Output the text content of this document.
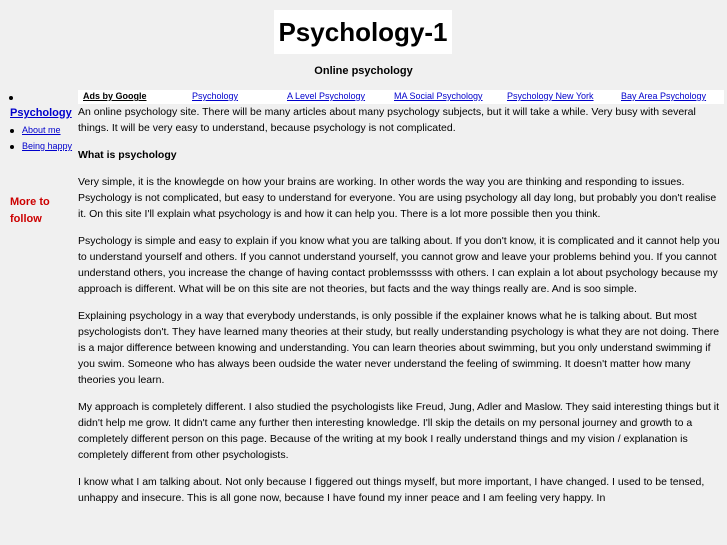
Psychology-1
Online psychology
Psychology
About me
Being happy
More to follow
Ads by Google	Psychology	A Level Psychology	MA Social Psychology	Psychology New York	Bay Area Psychology

An online psychology site. There will be many articles about many psychology subjects, but it will take a while. Very busy with several things. It will be very easy to understand, because psychology is not complicated.

What is psychology

Very simple, it is the knowlegde on how your brains are working. In other words the way you are thinking and responding to issues. Psychology is not complicated, but easy to understand for everyone. You are using psychology all day long, but probably you don't realise it. On this site I'll explain what psychology is and how it can help you. There is a lot more possible then you think.

Psychology is simple and easy to explain if you know what you are talking about. If you don't know, it is complicated and it cannot help you to understand yourself and others. If you cannot understand yourself, you cannot grow and leave your problems behind you. If you cannot understand others, you increase the change of having contact problemsssss with others. I can explain a lot about psychology because my approach is different. What will be on this site are not theories, but facts and the way things really are. And is soo simple.

Explaining psychology in a way that everybody understands, is only possible if the explainer knows what he is talking about. But most psychologists don't. They have learned many theories at their study, but really understanding psychology is what they are not doing. There is a major difference between knowing and understanding. You can learn theories about swimming, but you only understand swimming if you swim. Someone who has always been oudside the water never understand the feeling of swimming. It doesn't matter how many theories you learn.

My approach is completely different. I also studied the psychologists like Freud, Jung, Adler and Maslow. They said interesting things but it didn't help me grow. It didn't came any further then interesting knowledge. I'll skip the details on my personal journey and growth to a completely different person on this page. Because of the writing at my book I really understand things and my vision / explanation is completely different from other psychologists.

I know what I am talking about. Not only because I figgered out things myself, but more important, I have changed. I used to be tensed, unhappy and insecure. This is all gone now, because I have found my inner peace and I am feeling very happy. In
